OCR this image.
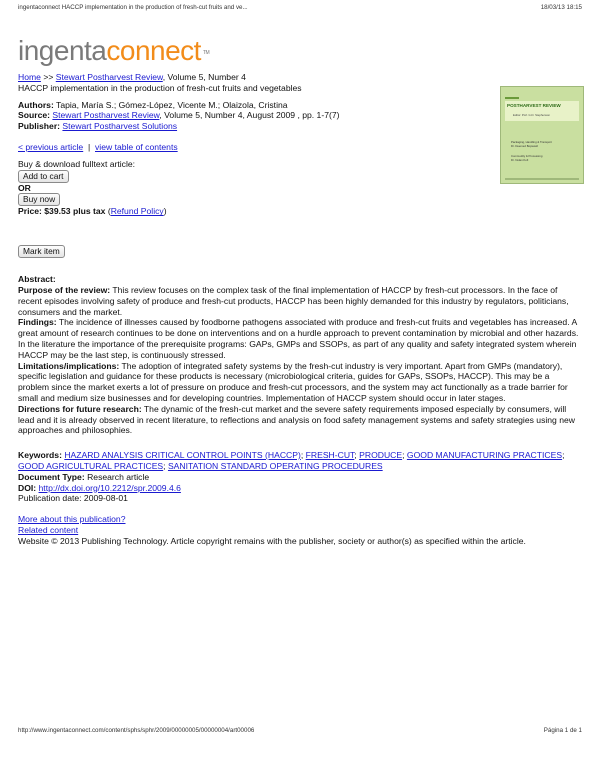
ingentaconnect HACCP implementation in the production of fresh-cut fruits and ve...	18/03/13 18:15
ingentaconnect ™
POSTHARVEST REVIEW
Editor: Prof. G.D. Stephenson
Packaging, Handling & Transport
Dr. Deemed Bopswell
Commodity & Processing
Dr. Nolan Kofi

Home >> Stewart Postharvest Review, Volume 5, Number 4

HACCP implementation in the production of fresh-cut fruits and vegetables

Authors: Tapia, María S.; Gómez-López, Vicente M.; Olaizola, Cristina

Source: Stewart Postharvest Review, Volume 5, Number 4, August 2009 , pp. 1-7(7)

Publisher: Stewart Postharvest Solutions

< previous article | view table of contents

Buy & download fulltext article:

Add to cart

OR

Buy now

Price: $39.53 plus tax (Refund Policy)

Mark item

Abstract:

Purpose of the review: This review focuses on the complex task of the final implementation of HACCP by fresh-cut processors. In the face of recent episodes involving safety of produce and fresh-cut products, HACCP has been highly demanded for this industry by regulators, politicians, consumers and the market.

Findings: The incidence of illnesses caused by foodborne pathogens associated with produce and fresh-cut fruits and vegetables has increased. A great amount of research continues to be done on interventions and on a hurdle approach to prevent contamination by microbial and other hazards. In the literature the importance of the prerequisite programs: GAPs, GMPs and SSOPs, as part of any quality and safety integrated system wherein HACCP may be the last step, is continuously stressed.

Limitations/implications: The adoption of integrated safety systems by the fresh-cut industry is very important. Apart from GMPs (mandatory), specific legislation and guidance for these products is necessary (microbiological criteria, guides for GAPs, SSOPs, HACCP). This may be a problem since the market exerts a lot of pressure on produce and fresh-cut processors, and the system may act functionally as a trade barrier for small and medium size businesses and for developing countries. Implementation of HACCP system should occur in later stages.

Directions for future research: The dynamic of the fresh-cut market and the severe safety requirements imposed especially by consumers, will lead and it is already observed in recent literature, to reflections and analysis on food safety management systems and safety strategies using new approaches and philosophies.

Keywords: HAZARD ANALYSIS CRITICAL CONTROL POINTS (HACCP); FRESH-CUT; PRODUCE; GOOD MANUFACTURING PRACTICES; GOOD AGRICULTURAL PRACTICES; SANITATION STANDARD OPERATING PROCEDURES

Document Type: Research article

DOI: http://dx.doi.org/10.2212/spr.2009.4.6

Publication date: 2009-08-01

More about this publication?

Related content

Website © 2013 Publishing Technology. Article copyright remains with the publisher, society or author(s) as specified within the article.

http://www.ingentaconnect.com/content/sphs/sphr/2009/00000005/00000004/art00006	Página 1 de 1
